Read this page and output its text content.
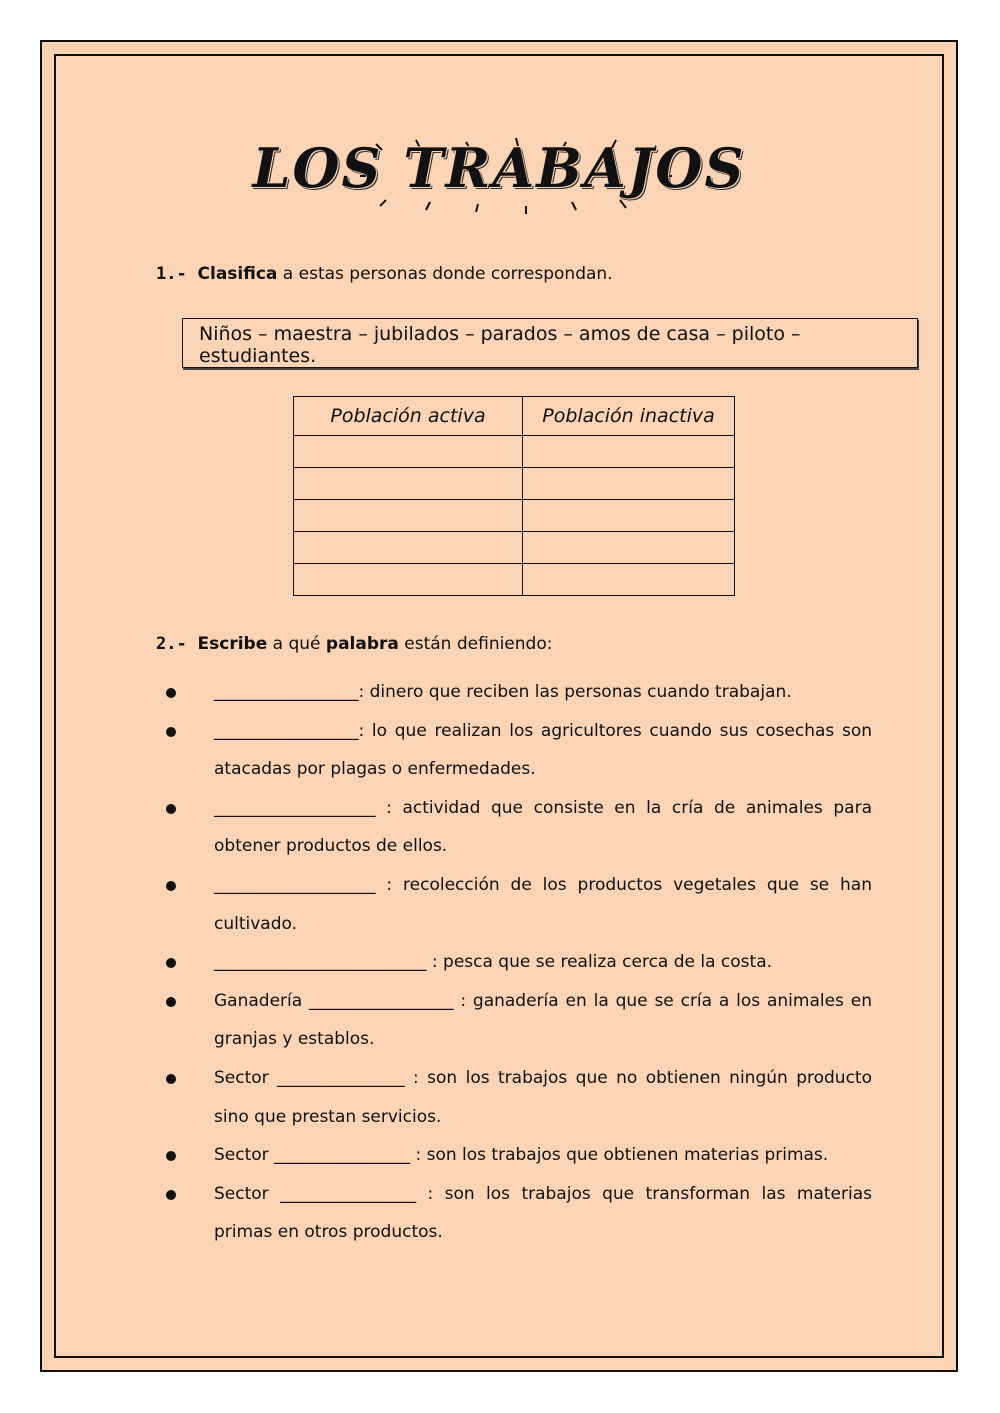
LOS TRABAJOS
1.- Clasifica a estas personas donde correspondan.
Niños – maestra – jubilados – parados – amos de casa – piloto – estudiantes.
Población activa	Población inactiva

2.- Escribe a qué palabra están definiendo:
_________________: dinero que reciben las personas cuando trabajan.
_________________: lo que realizan los agricultores cuando sus cosechas son atacadas por plagas o enfermedades.
___________________ : actividad que consiste en la cría de animales para obtener productos de ellos.
___________________ : recolección de los productos vegetales que se han cultivado.
_________________________ : pesca que se realiza cerca de la costa.
Ganadería _________________ : ganadería en la que se cría a los animales en granjas y establos.
Sector _______________ : son los trabajos que no obtienen ningún producto sino que prestan servicios.
Sector ________________ : son los trabajos que obtienen materias primas.
Sector ________________ : son los trabajos que transforman las materias primas en otros productos.
